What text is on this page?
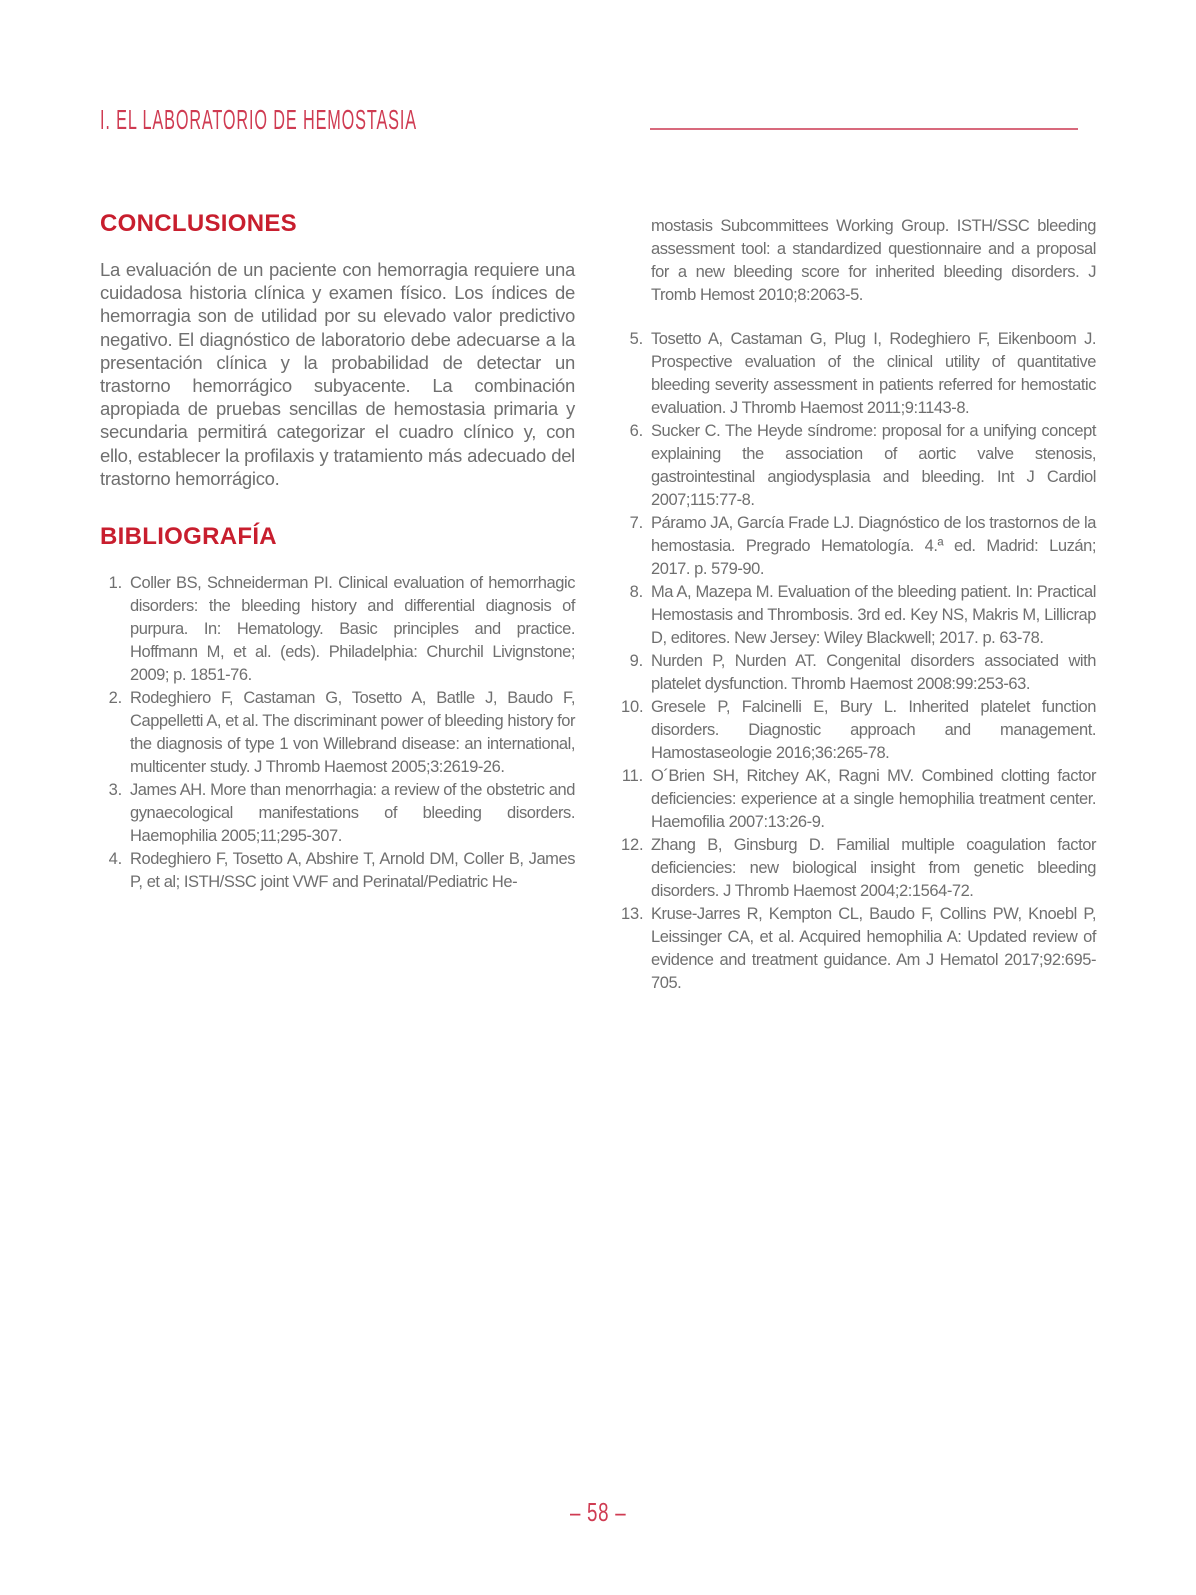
I. EL LABORATORIO DE HEMOSTASIA
CONCLUSIONES

La evaluación de un paciente con hemorragia requiere una cuidadosa historia clínica y examen físico. Los índices de hemorragia son de utilidad por su elevado valor predictivo negativo. El diagnóstico de laboratorio debe adecuarse a la presentación clínica y la probabilidad de detectar un trastorno hemorrágico subyacente. La combinación apropiada de pruebas sencillas de hemostasia primaria y secundaria permitirá categorizar el cuadro clínico y, con ello, establecer la profilaxis y tratamiento más adecuado del trastorno hemorrágico.

BIBLIOGRAFÍA
1. Coller BS, Schneiderman PI. Clinical evaluation of hemorrhagic disorders: the bleeding history and differential diagnosis of purpura. In: Hematology. Basic principles and practice. Hoffmann M, et al. (eds). Philadelphia: Churchil Livignstone; 2009; p. 1851-76.
2. Rodeghiero F, Castaman G, Tosetto A, Batlle J, Baudo F, Cappelletti A, et al. The discriminant power of bleeding history for the diagnosis of type 1 von Willebrand disease: an international, multicenter study. J Thromb Haemost 2005;3:2619-26.
3. James AH. More than menorrhagia: a review of the obstetric and gynaecological manifestations of bleeding disorders. Haemophilia 2005;11;295-307.
4. Rodeghiero F, Tosetto A, Abshire T, Arnold DM, Coller B, James P, et al; ISTH/SSC joint VWF and Perinatal/Pediatric He-

mostasis Subcommittees Working Group. ISTH/SSC bleeding assessment tool: a standardized questionnaire and a proposal for a new bleeding score for inherited bleeding disorders. J Tromb Hemost 2010;8:2063-5.

5. Tosetto A, Castaman G, Plug I, Rodeghiero F, Eikenboom J. Prospective evaluation of the clinical utility of quantitative bleeding severity assessment in patients referred for hemostatic evaluation. J Thromb Haemost 2011;9:1143-8.
6. Sucker C. The Heyde síndrome: proposal for a unifying concept explaining the association of aortic valve stenosis, gastrointestinal angiodysplasia and bleeding. Int J Cardiol 2007;115:77-8.
7. Páramo JA, García Frade LJ. Diagnóstico de los trastornos de la hemostasia. Pregrado Hematología. 4.ª ed. Madrid: Luzán; 2017. p. 579-90.
8. Ma A, Mazepa M. Evaluation of the bleeding patient. In: Practical Hemostasis and Thrombosis. 3rd ed. Key NS, Makris M, Lillicrap D, editores. New Jersey: Wiley Blackwell; 2017. p. 63-78.
9. Nurden P, Nurden AT. Congenital disorders associated with platelet dysfunction. Thromb Haemost 2008:99:253-63.
10. Gresele P, Falcinelli E, Bury L. Inherited platelet function disorders. Diagnostic approach and management. Hamostaseologie 2016;36:265-78.
11. O´Brien SH, Ritchey AK, Ragni MV. Combined clotting factor deficiencies: experience at a single hemophilia treatment center. Haemofilia 2007:13:26-9.
12. Zhang B, Ginsburg D. Familial multiple coagulation factor deficiencies: new biological insight from genetic bleeding disorders. J Thromb Haemost 2004;2:1564-72.
13. Kruse-Jarres R, Kempton CL, Baudo F, Collins PW, Knoebl P, Leissinger CA, et al. Acquired hemophilia A: Updated review of evidence and treatment guidance. Am J Hematol 2017;92:695-705.
– 58 –
